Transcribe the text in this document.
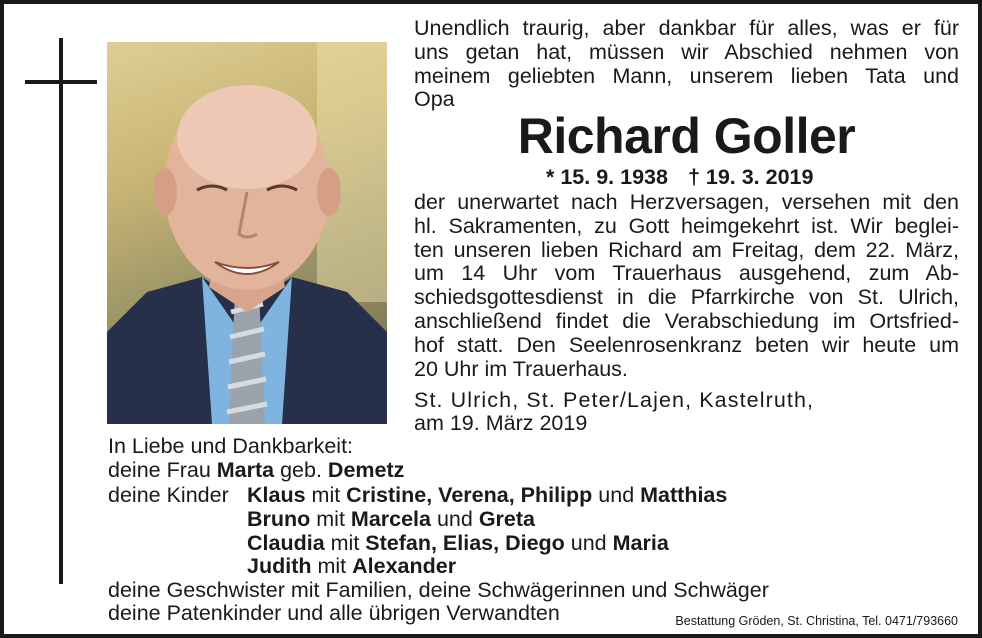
Unendlich traurig, aber dankbar für alles, was er für
uns getan hat, müssen wir Abschied nehmen von
meinem geliebten Mann, unserem lieben Tata und
Opa
Richard Goller
* 15. 9. 1938 † 19. 3. 2019
der unerwartet nach Herzversagen, versehen mit den
hl. Sakramenten, zu Gott heimgekehrt ist. Wir beglei-
ten unseren lieben Richard am Freitag, dem 22. März,
um 14 Uhr vom Trauerhaus ausgehend, zum Ab-
schiedsgottesdienst in die Pfarrkirche von St. Ulrich,
anschließend findet die Verabschiedung im Ortsfried-
hof statt. Den Seelenrosenkranz beten wir heute um
20 Uhr im Trauerhaus.
St. Ulrich, St. Peter/Lajen, Kastelruth,
am 19. März 2019
In Liebe und Dankbarkeit:
deine Frau Marta geb. Demetz
deine Kinder Klaus mit Cristine, Verena, Philipp und Matthias
Bruno mit Marcela und Greta
Claudia mit Stefan, Elias, Diego und Maria
Judith mit Alexander
deine Geschwister mit Familien, deine Schwägerinnen und Schwäger
deine Patenkinder und alle übrigen Verwandten	Bestattung Gröden, St. Christina, Tel. 0471/793660
